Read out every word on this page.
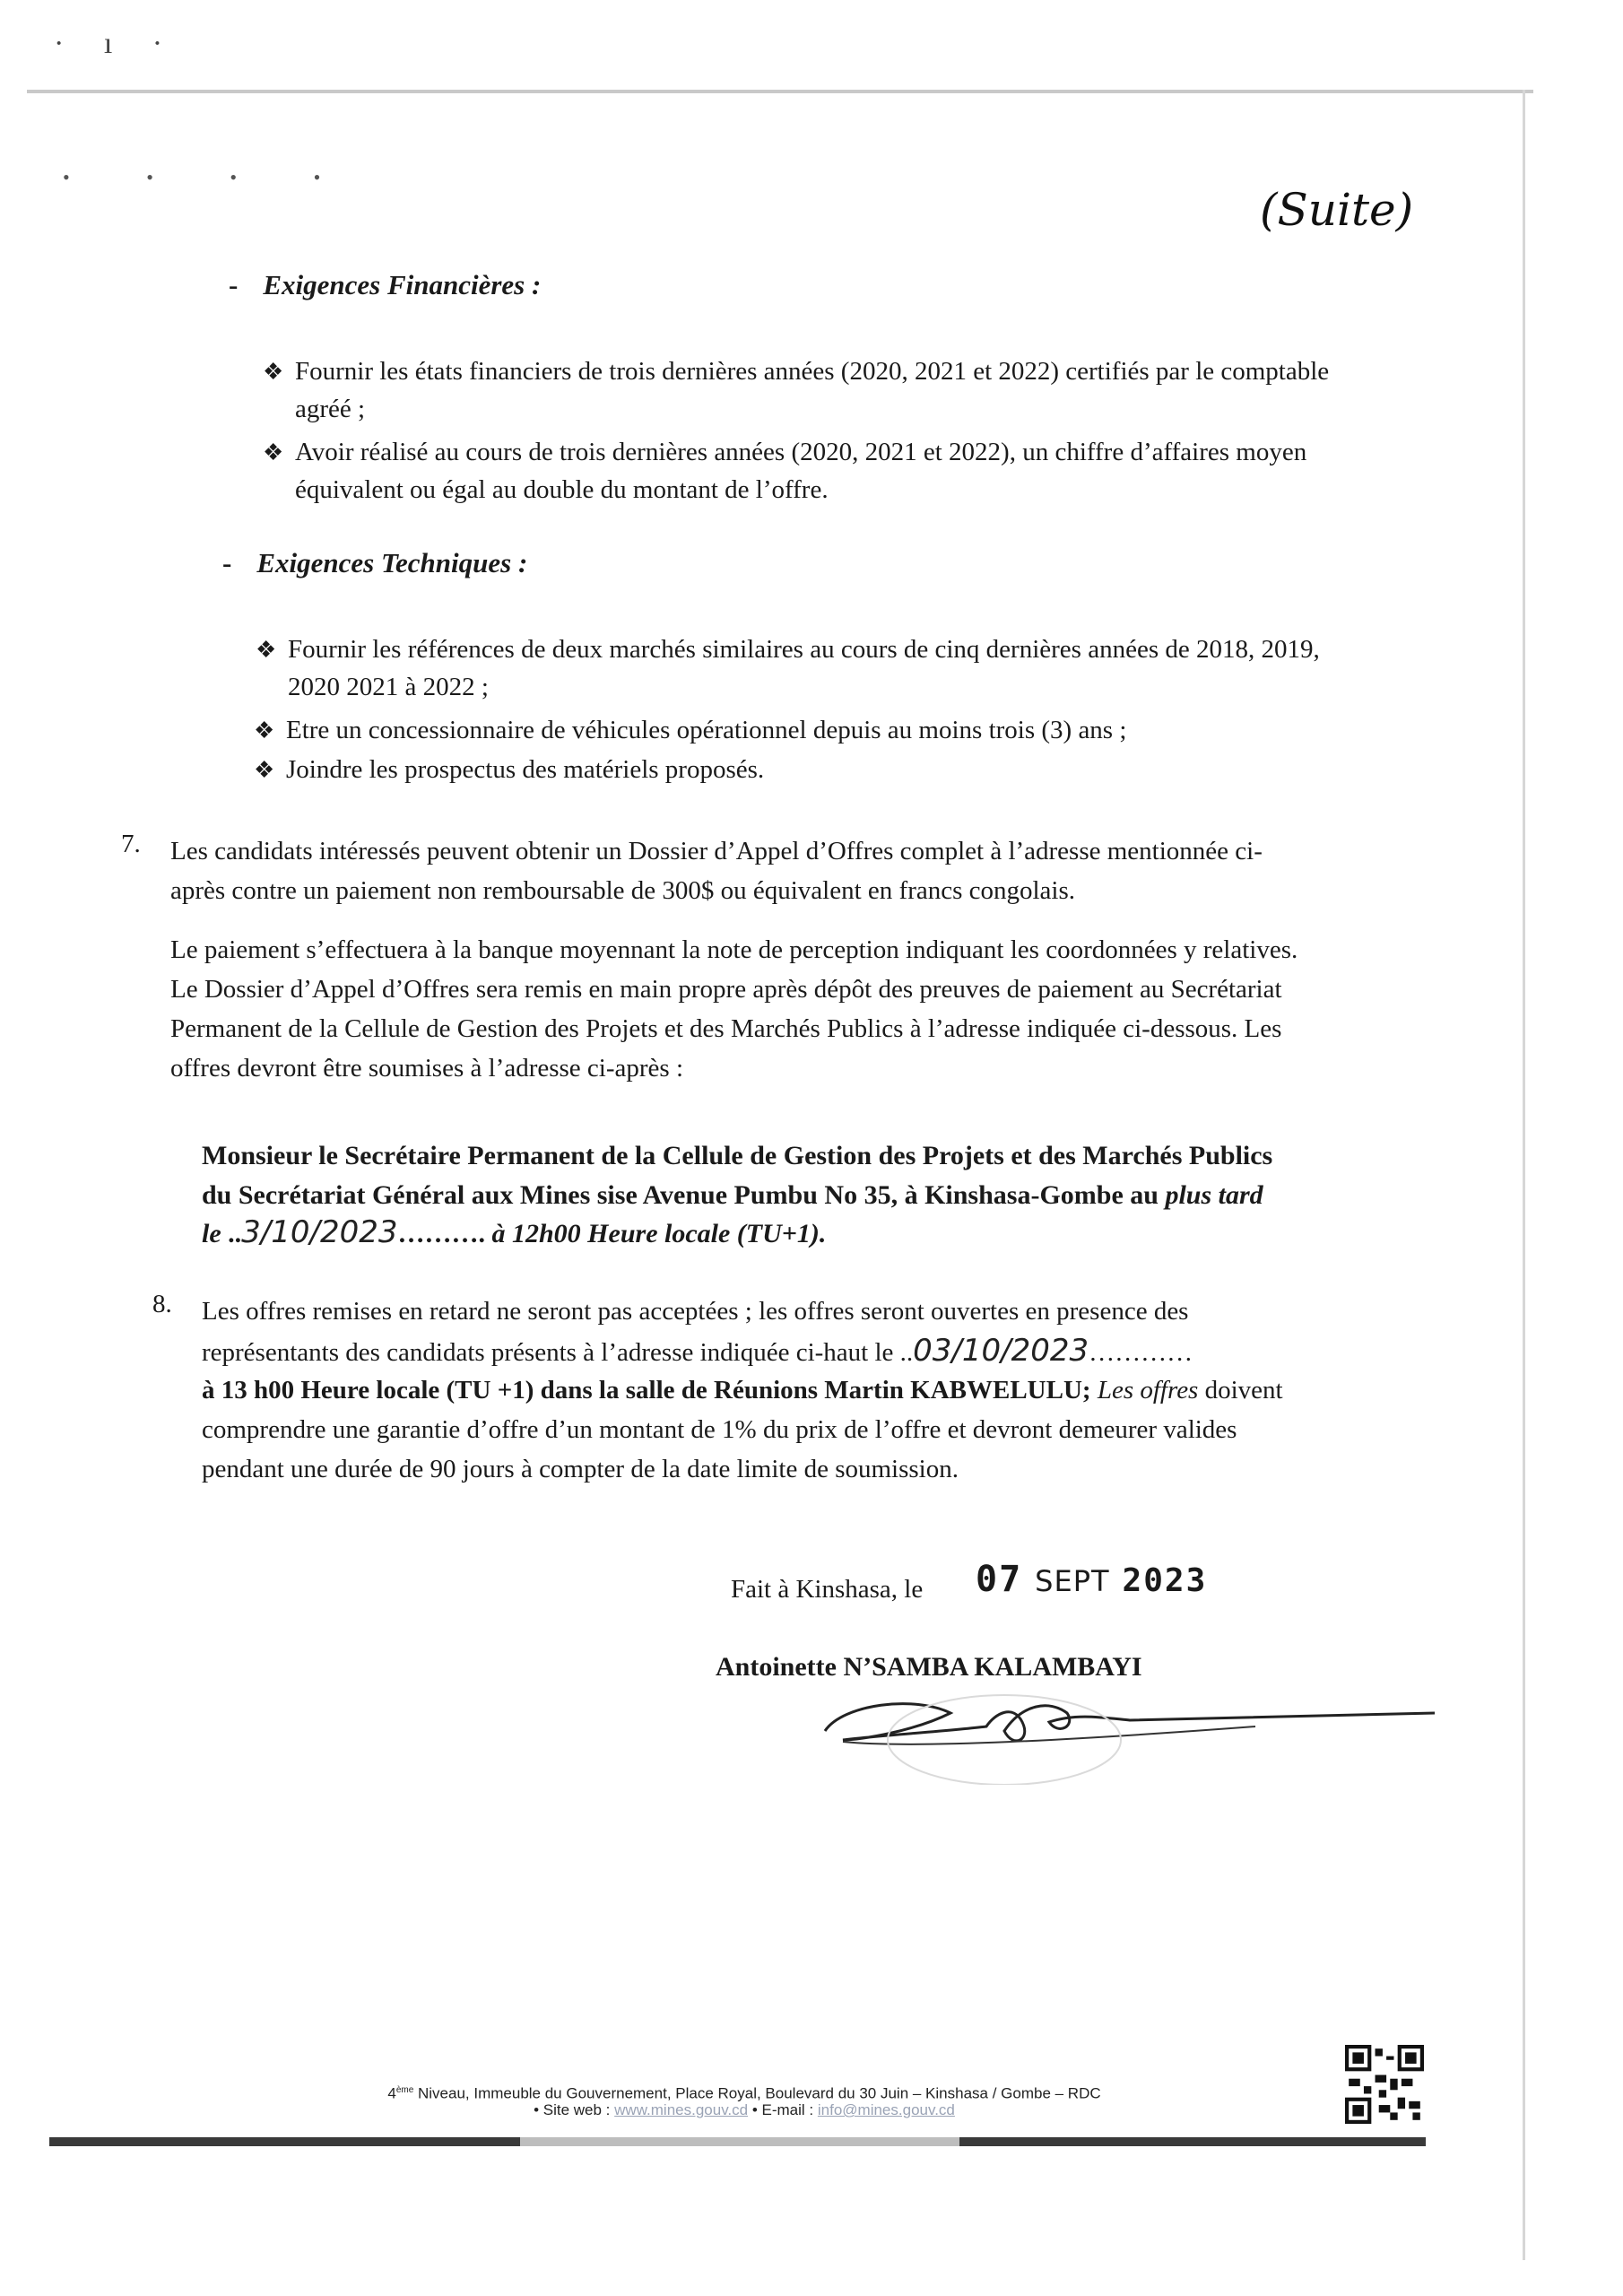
· ı ·
• • • •
(Suite)
- Exigences Financières :
❖ Fournir les états financiers de trois dernières années (2020, 2021 et 2022) certifiés par le comptable
agréé ;
❖ Avoir réalisé au cours de trois dernières années (2020, 2021 et 2022), un chiffre d’affaires moyen
équivalent ou égal au double du montant de l’offre.
- Exigences Techniques :
❖ Fournir les références de deux marchés similaires au cours de cinq dernières années de 2018, 2019,
2020 2021 à 2022 ;
❖ Etre un concessionnaire de véhicules opérationnel depuis au moins trois (3) ans ;
❖ Joindre les prospectus des matériels proposés.
7. Les candidats intéressés peuvent obtenir un Dossier d’Appel d’Offres complet à l’adresse mentionnée ci-
après contre un paiement non remboursable de 300$ ou équivalent en francs congolais.
Le paiement s’effectuera à la banque moyennant la note de perception indiquant les coordonnées y relatives.
Le Dossier d’Appel d’Offres sera remis en main propre après dépôt des preuves de paiement au Secrétariat
Permanent de la Cellule de Gestion des Projets et des Marchés Publics à l’adresse indiquée ci-dessous. Les
offres devront être soumises à l’adresse ci-après :
Monsieur le Secrétaire Permanent de la Cellule de Gestion des Projets et des Marchés Publics
du Secrétariat Général aux Mines sise Avenue Pumbu No 35, à Kinshasa-Gombe au plus tard
le ..3/10/2023………. à 12h00 Heure locale (TU+1).
8. Les offres remises en retard ne seront pas acceptées ; les offres seront ouvertes en presence des
représentants des candidats présents à l’adresse indiquée ci-haut le ..03/10/2023…………
à 13 h00 Heure locale (TU +1) dans la salle de Réunions Martin KABWELULU; Les offres doivent
comprendre une garantie d’offre d’un montant de 1% du prix de l’offre et devront demeurer valides
pendant une durée de 90 jours à compter de la date limite de soumission.
Fait à Kinshasa, le 07 SEPT 2023
Antoinette N’SAMBA KALAMBAYI
4ème Niveau, Immeuble du Gouvernement, Place Royal, Boulevard du 30 Juin – Kinshasa / Gombe – RDC
• Site web : www.mines.gouv.cd • E-mail : info@mines.gouv.cd
